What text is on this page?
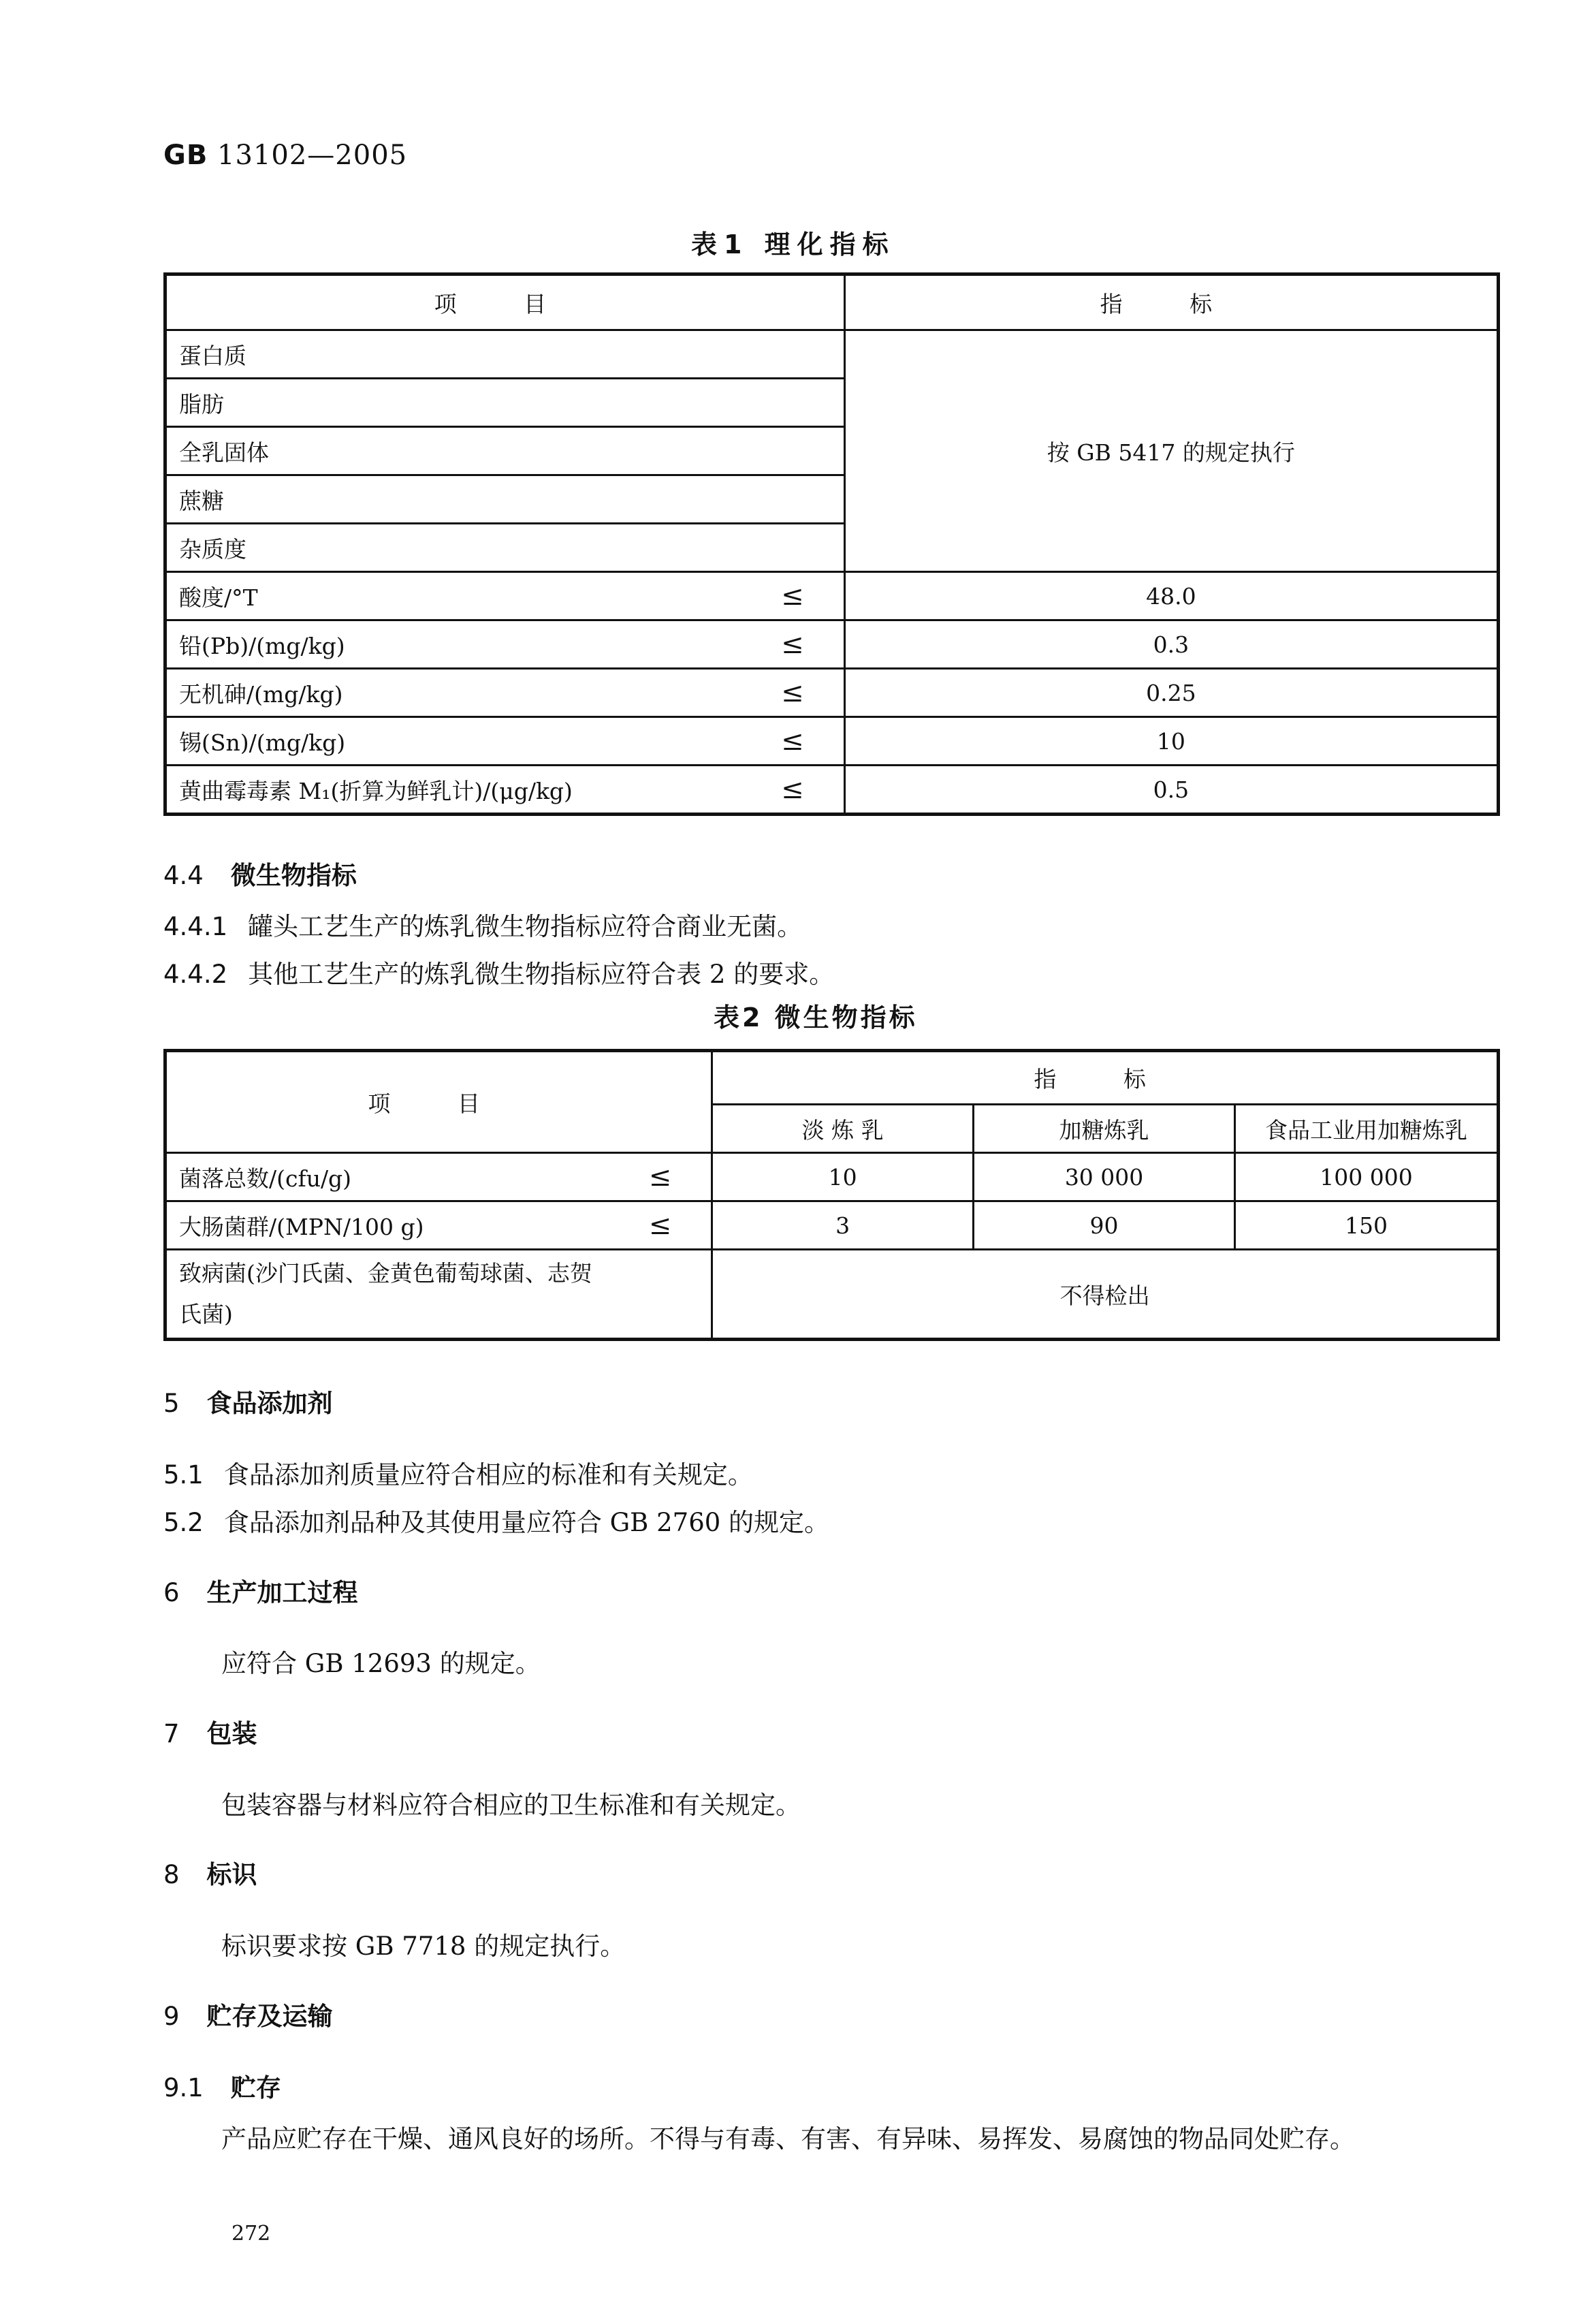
GB 13102—2005
表1 理化指标
项 目	指 标
蛋白质	按 GB 5417 的规定执行
脂肪	
全乳固体	
蔗糖	
杂质度	
酸度/°T ≤	48.0
铅(Pb)/(mg/kg) ≤	0.3
无机砷/(mg/kg) ≤	0.25
锡(Sn)/(mg/kg) ≤	10
黄曲霉毒素 M₁(折算为鲜乳计)/(μg/kg) ≤	0.5
4.4 微生物指标
4.4.1 罐头工艺生产的炼乳微生物指标应符合商业无菌。
4.4.2 其他工艺生产的炼乳微生物指标应符合表 2 的要求。
表2 微生物指标
项 目	指 标		
	淡 炼 乳	加糖炼乳	食品工业用加糖炼乳
菌落总数/(cfu/g) ≤	10	30 000	100 000
大肠菌群/(MPN/100 g) ≤	3	90	150
致病菌(沙门氏菌、金黄色葡萄球菌、志贺
氏菌)	不得检出		
5 食品添加剂
5.1 食品添加剂质量应符合相应的标准和有关规定。
5.2 食品添加剂品种及其使用量应符合 GB 2760 的规定。
6 生产加工过程
应符合 GB 12693 的规定。
7 包装
包装容器与材料应符合相应的卫生标准和有关规定。
8 标识
标识要求按 GB 7718 的规定执行。
9 贮存及运输
9.1 贮存
产品应贮存在干燥、通风良好的场所。不得与有毒、有害、有异味、易挥发、易腐蚀的物品同处贮存。
272
